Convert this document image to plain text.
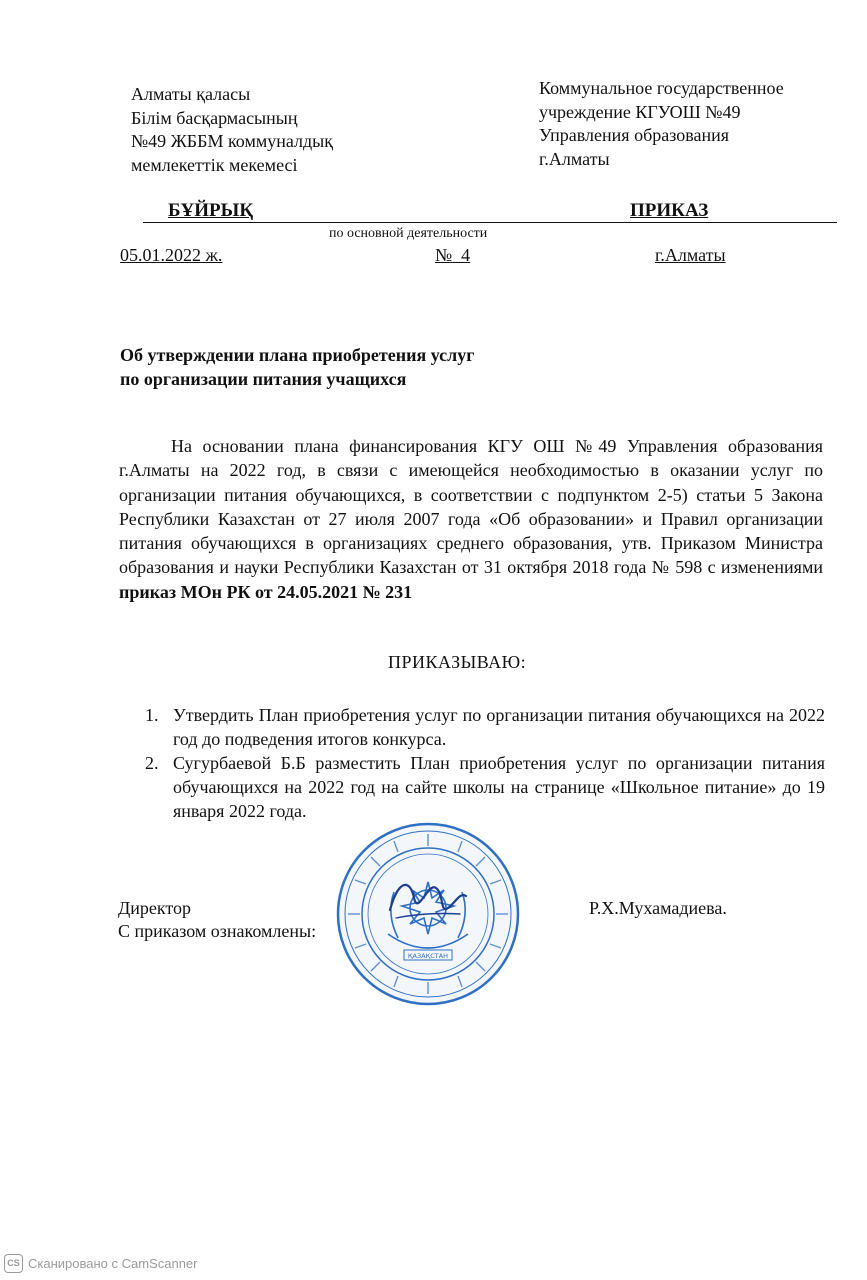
Алматы қаласы
Білім басқармасының
№49 ЖББМ коммуналдық
мемлекеттік мекемесі
Коммунальное государственное
учреждение КГУОШ №49
Управления образования
г.Алматы
БҰЙРЫҚ	ПРИКАЗ
по основной деятельности
05.01.2022 ж.	№  4	г.Алматы
Об утверждении плана приобретения услуг
по организации питания учащихся
На основании плана финансирования КГУ ОШ №49 Управления образования г.Алматы на 2022 год, в связи с имеющейся необходимостью в оказании услуг по организации питания обучающихся, в соответствии с подпунктом 2-5) статьи 5 Закона Республики Казахстан от 27 июля 2007 года «Об образовании» и Правил организации питания обучающихся в организациях среднего образования, утв. Приказом Министра образования и науки Республики Казахстан от 31 октября 2018 года № 598 с изменениями приказ МОн РК от 24.05.2021 № 231
ПРИКАЗЫВАЮ:
1. Утвердить План приобретения услуг по организации питания обучающихся на 2022 год до подведения итогов конкурса.
2. Сугурбаевой Б.Б разместить План приобретения услуг по организации питания обучающихся на 2022 год на сайте школы на странице «Школьное питание» до 19 января 2022 года.
Директор
С приказом ознакомлены:
Р.Х.Мухамадиева.
ҚАЗАҚСТАН
CS Сканировано с CamScanner
